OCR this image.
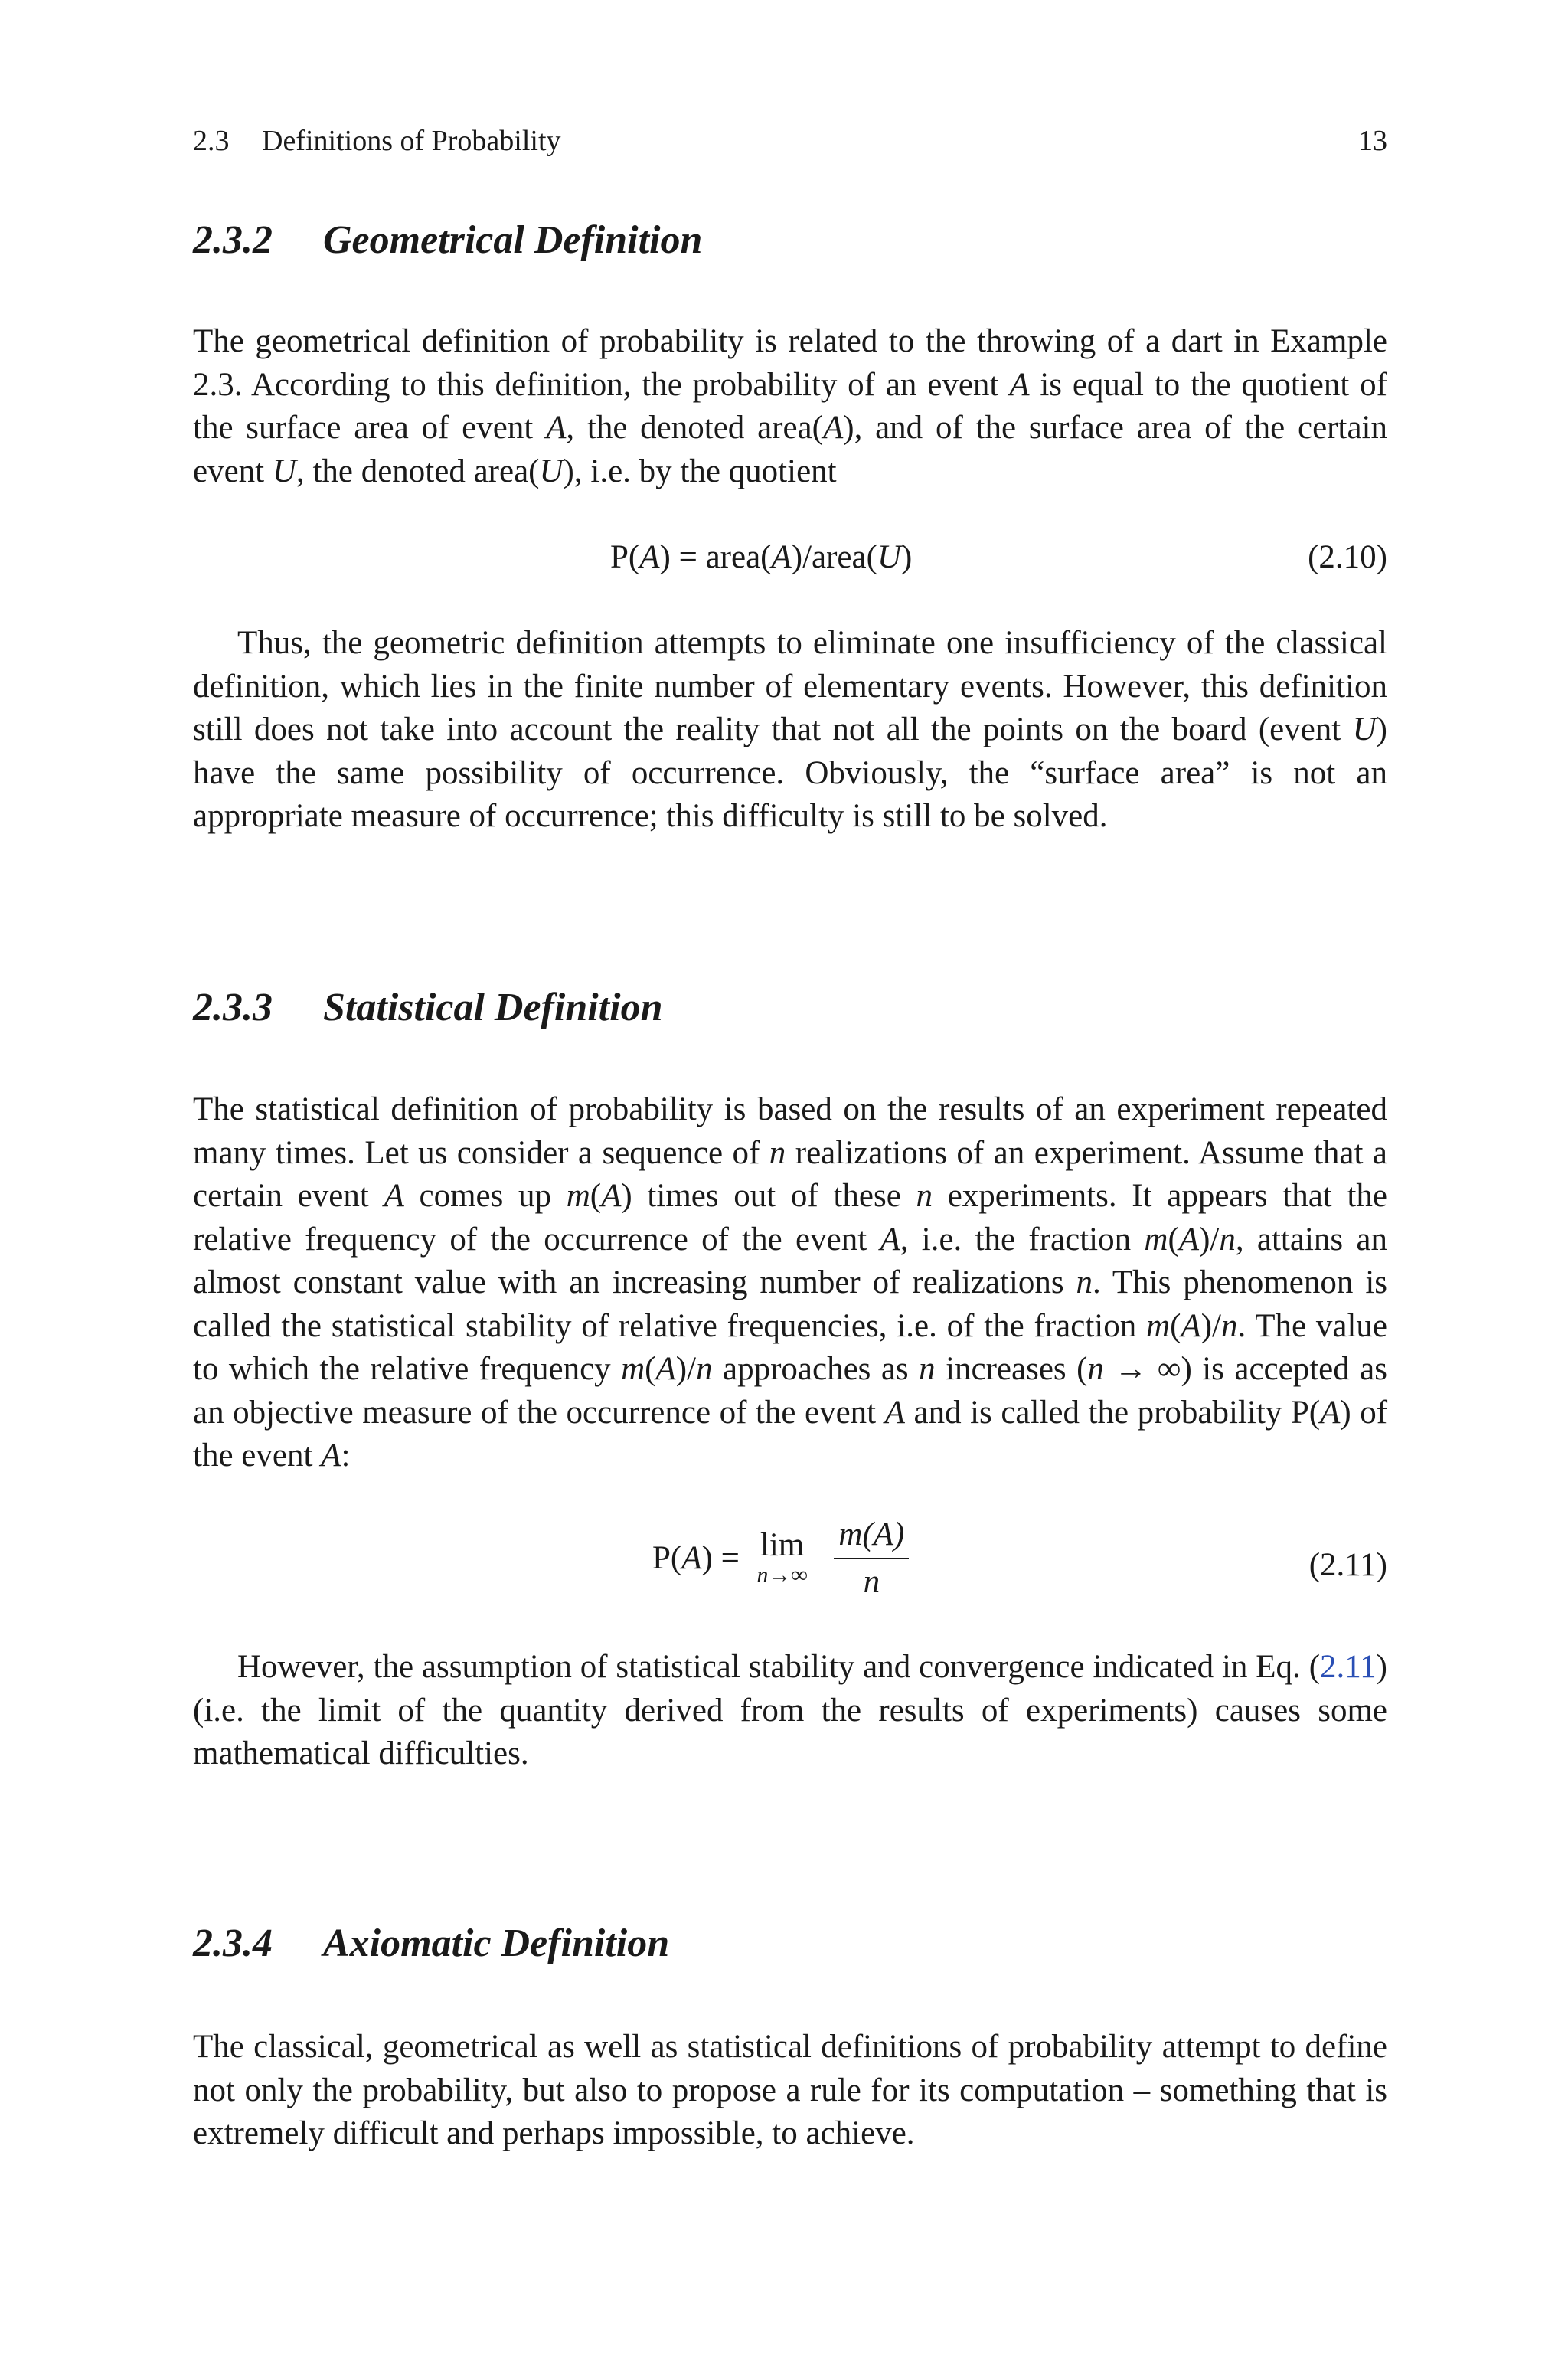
2.3 Definitions of Probability	13
2.3.2 Geometrical Definition

The geometrical definition of probability is related to the throwing of a dart in Example 2.3. According to this definition, the probability of an event A is equal to the quotient of the surface area of event A, the denoted area(A), and of the surface area of the certain event U, the denoted area(U), i.e. by the quotient

P(A) = area(A)/area(U)	(2.10)

Thus, the geometric definition attempts to eliminate one insufficiency of the classical definition, which lies in the finite number of elementary events. However, this definition still does not take into account the reality that not all the points on the board (event U) have the same possibility of occurrence. Obviously, the “surface area” is not an appropriate measure of occurrence; this difficulty is still to be solved.

2.3.3 Statistical Definition

The statistical definition of probability is based on the results of an experiment repeated many times. Let us consider a sequence of n realizations of an experiment. Assume that a certain event A comes up m(A) times out of these n experiments. It appears that the relative frequency of the occurrence of the event A, i.e. the fraction m(A)/n, attains an almost constant value with an increasing number of realizations n. This phenomenon is called the statistical stability of relative frequencies, i.e. of the fraction m(A)/n. The value to which the relative frequency m(A)/n approaches as n increases (n → ∞) is accepted as an objective measure of the occurrence of the event A and is called the probability P(A) of the event A:

P(A) = lim
n→∞
$\frac{m(A)}{n}$	(2.11)

However, the assumption of statistical stability and convergence indicated in Eq. (2.11) (i.e. the limit of the quantity derived from the results of experiments) causes some mathematical difficulties.

2.3.4 Axiomatic Definition

The classical, geometrical as well as statistical definitions of probability attempt to define not only the probability, but also to propose a rule for its computation – something that is extremely difficult and perhaps impossible, to achieve.
